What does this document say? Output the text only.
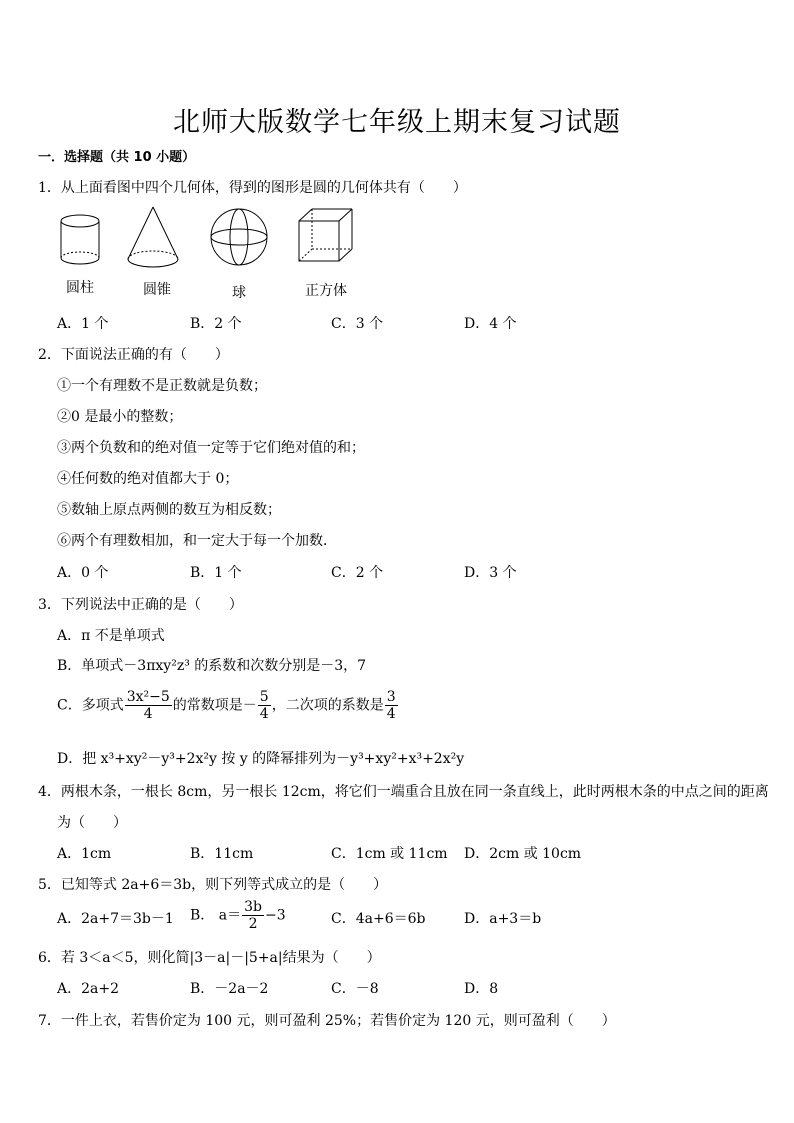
北师大版数学七年级上期末复习试题
一．选择题（共 10 小题）
1．从上面看图中四个几何体，得到的图形是圆的几何体共有（　　）
圆柱	圆锥	球	正方体
A．1 个	B．2 个	C．3 个	D．4 个
2．下面说法正确的有（　　）
①一个有理数不是正数就是负数；
②0 是最小的整数；
③两个负数和的绝对值一定等于它们绝对值的和；
④任何数的绝对值都大于 0；
⑤数轴上原点两侧的数互为相反数；
⑥两个有理数相加，和一定大于每一个加数．
A．0 个	B．1 个	C．2 个	D．3 个
3．下列说法中正确的是（　　）
A．π 不是单项式
B．单项式－3πxy²z³ 的系数和次数分别是－3，7
C．多项式 $\frac{\text{3x²−5}}{4}$ 的常数项是－ $\frac{5}{4}$ ，二次项的系数是 $\frac{3}{4}$
D．把 x³+xy²－y³+2x²y 按 y 的降幂排列为－y³+xy²+x³+2x²y
4．两根木条，一根长 8cm，另一根长 12cm，将它们一端重合且放在同一条直线上，此时两根木条的中点之间的距离
为（　　）
A．1cm	B．11cm	C．1cm 或 11cm D．2cm 或 10cm
5．已知等式 2a+6＝3b，则下列等式成立的是（　　）
A．2a+7＝3b－1 B． $a= \frac{3b}{2} -3$	C．4a+6＝6b	D．a+3＝b
6．若 3＜a＜5，则化简|3－a|－|5+a|结果为（　　）
A．2a+2	B．－2a－2	C．－8	D．8
7．一件上衣，若售价定为 100 元，则可盈利 25%；若售价定为 120 元，则可盈利（　　）
